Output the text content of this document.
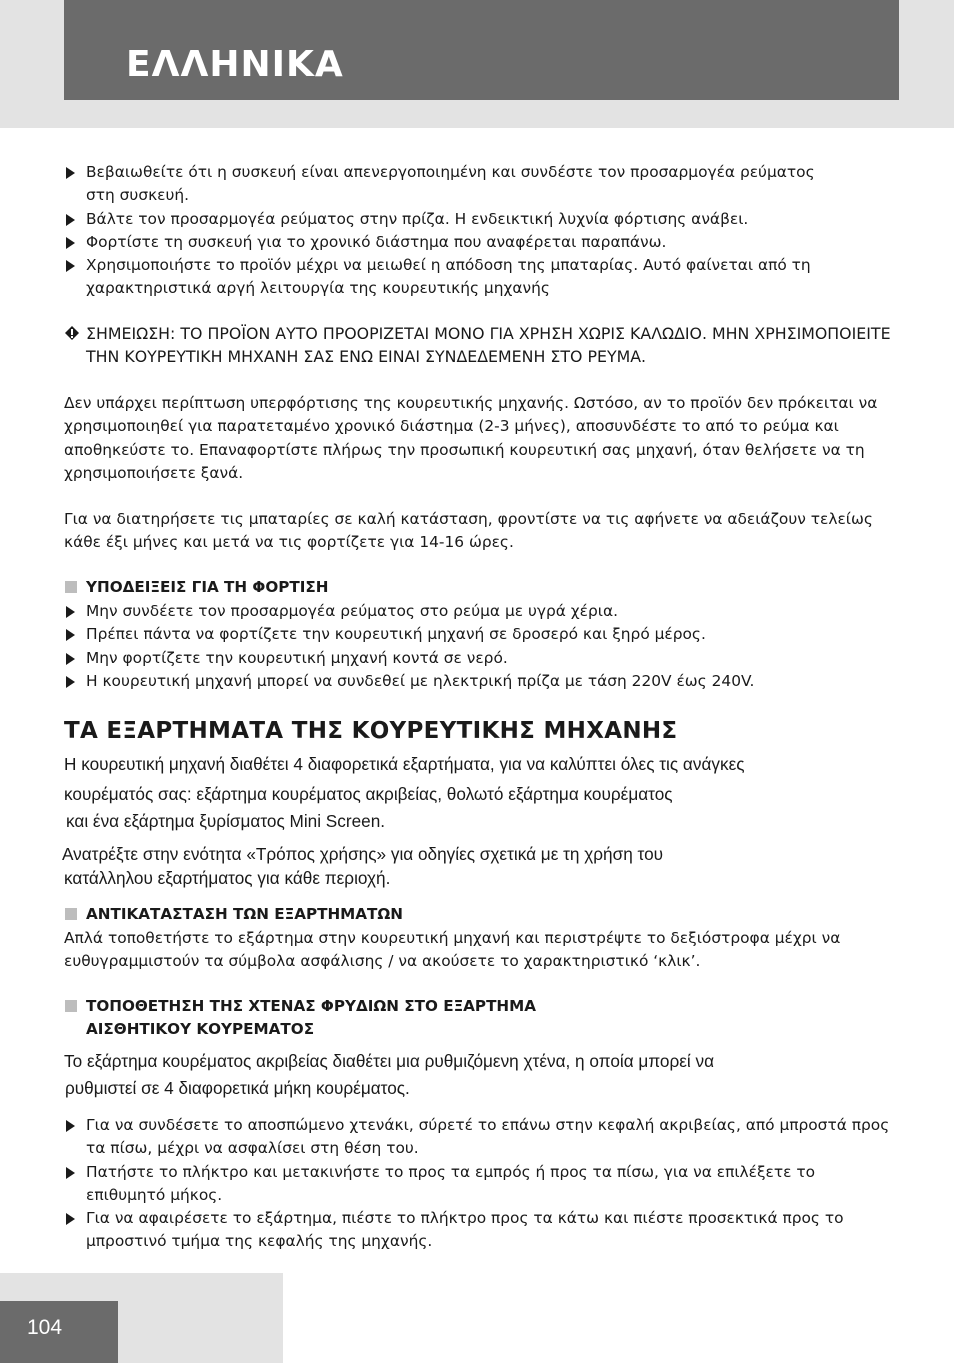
ΕΛΛΗΝΙΚΑ
Βεβαιωθείτε ότι η συσκευή είναι απενεργοποιημένη και συνδέστε τον προσαρμογέα ρεύματος στη συσκευή.
Βάλτε τον προσαρμογέα ρεύματος στην πρίζα. Η ενδεικτική λυχνία φόρτισης ανάβει.
Φορτίστε τη συσκευή για το χρονικό διάστημα που αναφέρεται παραπάνω.
Χρησιμοποιήστε το προϊόν μέχρι να μειωθεί η απόδοση της μπαταρίας. Αυτό φαίνεται από τη χαρακτηριστικά αργή λειτουργία της κουρευτικής μηχανής

ΣΗΜΕΙΩΣΗ: ΤΟ ΠΡΟΪΟΝ ΑΥΤΟ ΠΡΟΟΡΙΖΕΤΑΙ ΜΟΝΟ ΓΙΑ ΧΡΗΣΗ ΧΩΡΙΣ ΚΑΛΩΔΙΟ. ΜΗΝ ΧΡΗΣΙΜΟΠΟΙΕΙΤΕ ΤΗΝ ΚΟΥΡΕΥΤΙΚΗ ΜΗΧΑΝΗ ΣΑΣ ΕΝΩ ΕΙΝΑΙ ΣΥΝΔΕΔΕΜΕΝΗ ΣΤΟ ΡΕΥΜΑ.

Δεν υπάρχει περίπτωση υπερφόρτισης της κουρευτικής μηχανής. Ωστόσο, αν το προϊόν δεν πρόκειται να χρησιμοποιηθεί για παρατεταμένο χρονικό διάστημα (2-3 μήνες), αποσυνδέστε το από το ρεύμα και αποθηκεύστε το. Επαναφορτίστε πλήρως την προσωπική κουρευτική σας μηχανή, όταν θελήσετε να τη χρησιμοποιήσετε ξανά.

Για να διατηρήσετε τις μπαταρίες σε καλή κατάσταση, φροντίστε να τις αφήνετε να αδειάζουν τελείως κάθε έξι μήνες και μετά να τις φορτίζετε για 14-16 ώρες.

ΥΠΟΔΕΙΞΕΙΣ ΓΙΑ ΤΗ ΦΟΡΤΙΣΗ
Μην συνδέετε τον προσαρμογέα ρεύματος στο ρεύμα με υγρά χέρια.
Πρέπει πάντα να φορτίζετε την κουρευτική μηχανή σε δροσερό και ξηρό μέρος.
Μην φορτίζετε την κουρευτική μηχανή κοντά σε νερό.
Η κουρευτική μηχανή μπορεί να συνδεθεί με ηλεκτρική πρίζα με τάση 220V έως 240V.
ΤΑ ΕΞΑΡΤΗΜΑΤΑ ΤΗΣ ΚΟΥΡΕΥΤΙΚΗΣ ΜΗΧΑΝΗΣ

Η κουρευτική μηχανή διαθέτει 4 διαφορετικά εξαρτήματα, για να καλύπτει όλες τις ανάγκες

κουρέματός σας: εξάρτημα κουρέματος ακριβείας, θολωτό εξάρτημα κουρέματος

και ένα εξάρτημα ξυρίσματος Mini Screen.

Ανατρέξτε στην ενότητα «Τρόπος χρήσης» για οδηγίες σχετικά με τη χρήση του

κατάλληλου εξαρτήματος για κάθε περιοχή.

ΑΝΤΙΚΑΤΑΣΤΑΣΗ ΤΩΝ ΕΞΑΡΤΗΜΑΤΩΝ

Απλά τοποθετήστε το εξάρτημα στην κουρευτική μηχανή και περιστρέψτε το δεξιόστροφα μέχρι να ευθυγραμμιστούν τα σύμβολα ασφάλισης / να ακούσετε το χαρακτηριστικό ‘κλικ’.

ΤΟΠΟΘΕΤΗΣΗ ΤΗΣ ΧΤΕΝΑΣ ΦΡΥΔΙΩΝ ΣΤΟ ΕΞΑΡΤΗΜΑ
ΑΙΣΘΗΤΙΚΟΥ ΚΟΥΡΕΜΑΤΟΣ

Το εξάρτημα κουρέματος ακριβείας διαθέτει μια ρυθμιζόμενη χτένα, η οποία μπορεί να

ρυθμιστεί σε 4 διαφορετικά μήκη κουρέματος.

Για να συνδέσετε το αποσπώμενο χτενάκι, σύρετέ το επάνω στην κεφαλή ακριβείας, από μπροστά προς τα πίσω, μέχρι να ασφαλίσει στη θέση του.
Πατήστε το πλήκτρο και μετακινήστε το προς τα εμπρός ή προς τα πίσω, για να επιλέξετε το επιθυμητό μήκος.
Για να αφαιρέσετε το εξάρτημα, πιέστε το πλήκτρο προς τα κάτω και πιέστε προσεκτικά προς το μπροστινό τμήμα της κεφαλής της μηχανής.

104
